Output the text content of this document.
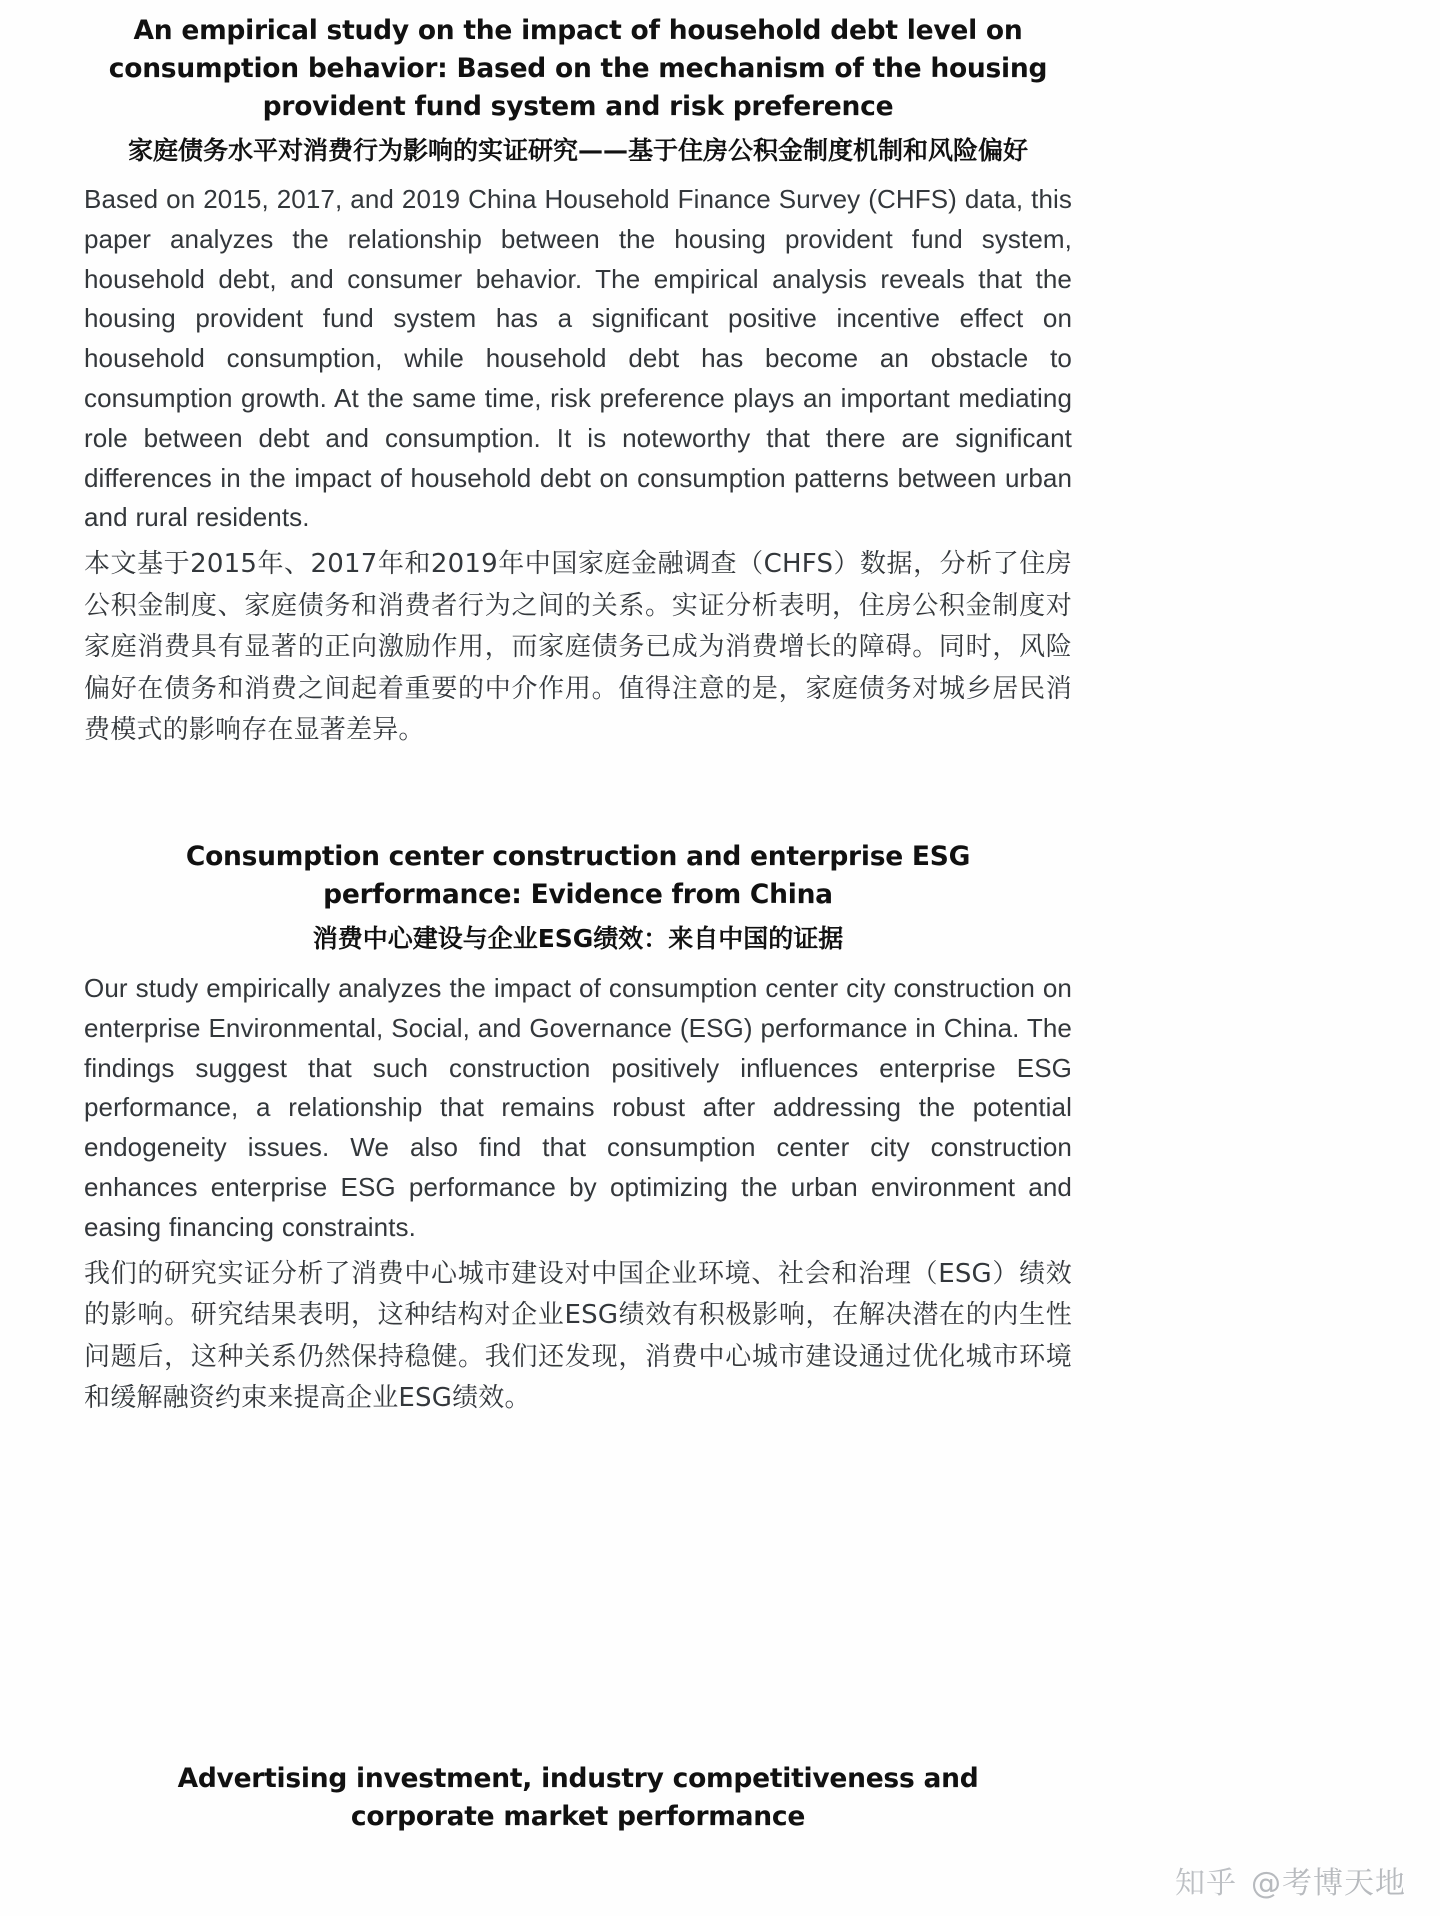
An empirical study on the impact of household debt level on consumption behavior: Based on the mechanism of the housing provident fund system and risk preference
家庭债务水平对消费行为影响的实证研究——基于住房公积金制度机制和风险偏好
Based on 2015, 2017, and 2019 China Household Finance Survey (CHFS) data, this paper analyzes the relationship between the housing provident fund system, household debt, and consumer behavior. The empirical analysis reveals that the housing provident fund system has a significant positive incentive effect on household consumption, while household debt has become an obstacle to consumption growth. At the same time, risk preference plays an important mediating role between debt and consumption. It is noteworthy that there are significant differences in the impact of household debt on consumption patterns between urban and rural residents.
本文基于2015年、2017年和2019年中国家庭金融调查（CHFS）数据，分析了住房公积金制度、家庭债务和消费者行为之间的关系。实证分析表明，住房公积金制度对家庭消费具有显著的正向激励作用，而家庭债务已成为消费增长的障碍。同时，风险偏好在债务和消费之间起着重要的中介作用。值得注意的是，家庭债务对城乡居民消费模式的影响存在显著差异。
Consumption center construction and enterprise ESG performance: Evidence from China
消费中心建设与企业ESG绩效：来自中国的证据
Our study empirically analyzes the impact of consumption center city construction on enterprise Environmental, Social, and Governance (ESG) performance in China. The findings suggest that such construction positively influences enterprise ESG performance, a relationship that remains robust after addressing the potential endogeneity issues. We also find that consumption center city construction enhances enterprise ESG performance by optimizing the urban environment and easing financing constraints.
我们的研究实证分析了消费中心城市建设对中国企业环境、社会和治理（ESG）绩效的影响。研究结果表明，这种结构对企业ESG绩效有积极影响，在解决潜在的内生性问题后，这种关系仍然保持稳健。我们还发现，消费中心城市建设通过优化城市环境和缓解融资约束来提高企业ESG绩效。
Advertising investment, industry competitiveness and corporate market performance
知乎 @考博天地
